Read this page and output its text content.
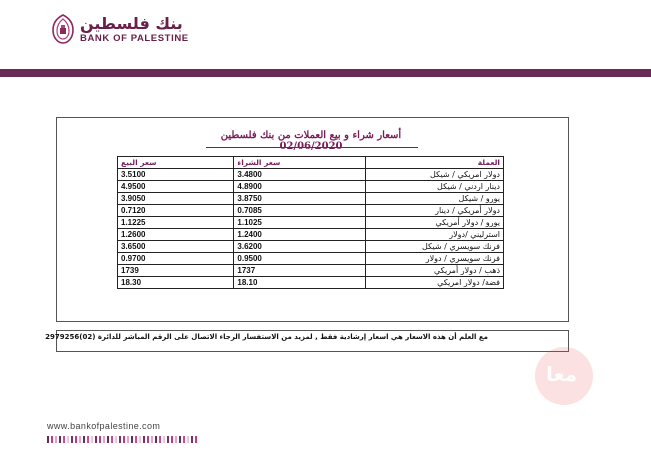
بنك فلسطين
BANK OF PALESTINE
أسعار شراء و بيع العملات من بنك فلسطين
سعر البيع	سعر الشراء	العملة
3.5100	3.4800	دولار امريكي / شيكل
4.9500	4.8900	دينار اردني / شيكل
3.9050	3.8750	يورو / شيكل
0.7120	0.7085	دولار أمريكي / دينار
1.1225	1.1025	يورو / دولار أمريكي
1.2600	1.2400	استرليني /دولار
3.6500	3.6200	فرنك سويسري / شيكل
0.9700	0.9500	فرنك سويسري / دولار
1739	1737	ذهب / دولار أمريكي
18.30	18.10	فضة/ دولار امريكي
مع العلم أن هذه الاسعار هي اسعار إرشادية فقط , لمزيد من الاستفسار الرجاء الاتصال على الرقم المباشر للدائرة (02)2979256
معا
www.bankofpalestine.com
